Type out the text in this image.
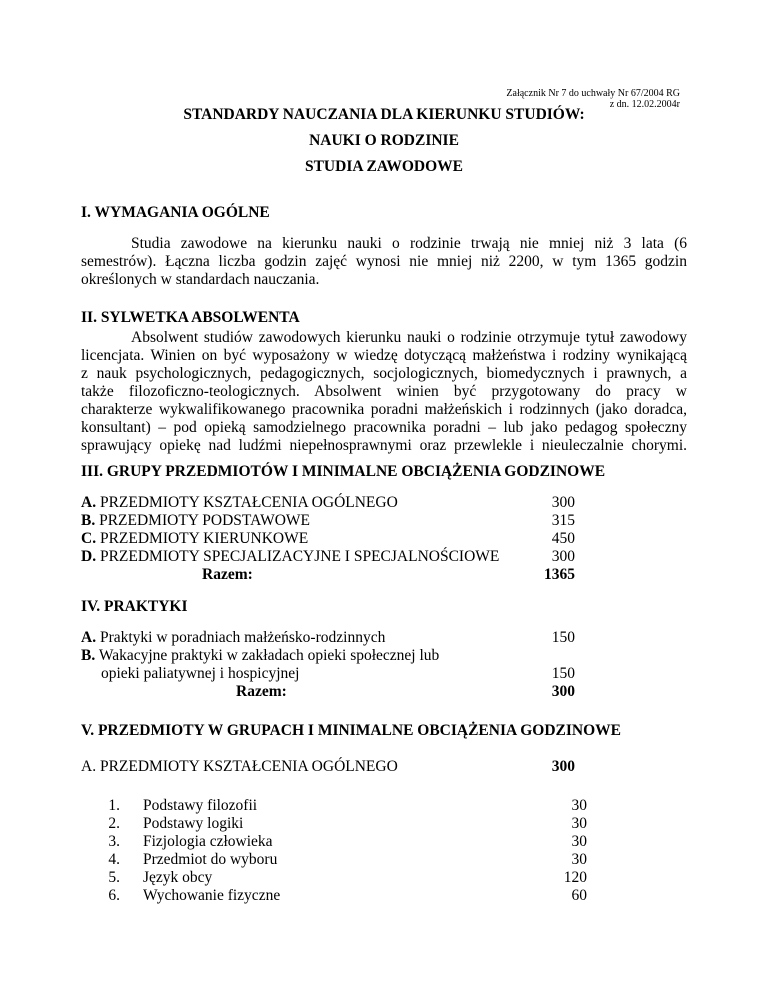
Załącznik Nr 7 do uchwały Nr 67/2004 RG
z dn. 12.02.2004r
STANDARDY NAUCZANIA DLA KIERUNKU STUDIÓW:
NAUKI O RODZINIE
STUDIA ZAWODOWE
I. WYMAGANIA OGÓLNE
Studia zawodowe na kierunku nauki o rodzinie trwają nie mniej niż 3 lata (6
semestrów). Łączna liczba godzin zajęć wynosi nie mniej niż 2200, w tym 1365 godzin
określonych w standardach nauczania.
II. SYLWETKA ABSOLWENTA
Absolwent studiów zawodowych kierunku nauki o rodzinie otrzymuje tytuł zawodowy
licencjata. Winien on być wyposażony w wiedzę dotyczącą małżeństwa i rodziny wynikającą
z nauk psychologicznych, pedagogicznych, socjologicznych, biomedycznych i prawnych, a
także filozoficzno-teologicznych. Absolwent winien być przygotowany do pracy w
charakterze wykwalifikowanego pracownika poradni małżeńskich i rodzinnych (jako doradca,
konsultant) – pod opieką samodzielnego pracownika poradni – lub jako pedagog społeczny
sprawujący opiekę nad ludźmi niepełnosprawnymi oraz przewlekle i nieuleczalnie chorymi.
III. GRUPY PRZEDMIOTÓW I MINIMALNE OBCIĄŻENIA GODZINOWE
A. PRZEDMIOTY KSZTAŁCENIA OGÓLNEGO	300
B. PRZEDMIOTY PODSTAWOWE	315
C. PRZEDMIOTY KIERUNKOWE	450
D. PRZEDMIOTY SPECJALIZACYJNE I SPECJALNOŚCIOWE	300
Razem:	1365
IV. PRAKTYKI
A. Praktyki w poradniach małżeńsko-rodzinnych	150
B. Wakacyjne praktyki w zakładach opieki społecznej lub
opieki paliatywnej i hospicyjnej	150
Razem:	300
V. PRZEDMIOTY W GRUPACH I MINIMALNE OBCIĄŻENIA GODZINOWE
A. PRZEDMIOTY KSZTAŁCENIA OGÓLNEGO	300
1. Podstawy filozofii	30
2. Podstawy logiki	30
3. Fizjologia człowieka	30
4. Przedmiot do wyboru	30
5. Język obcy	120
6. Wychowanie fizyczne	60
